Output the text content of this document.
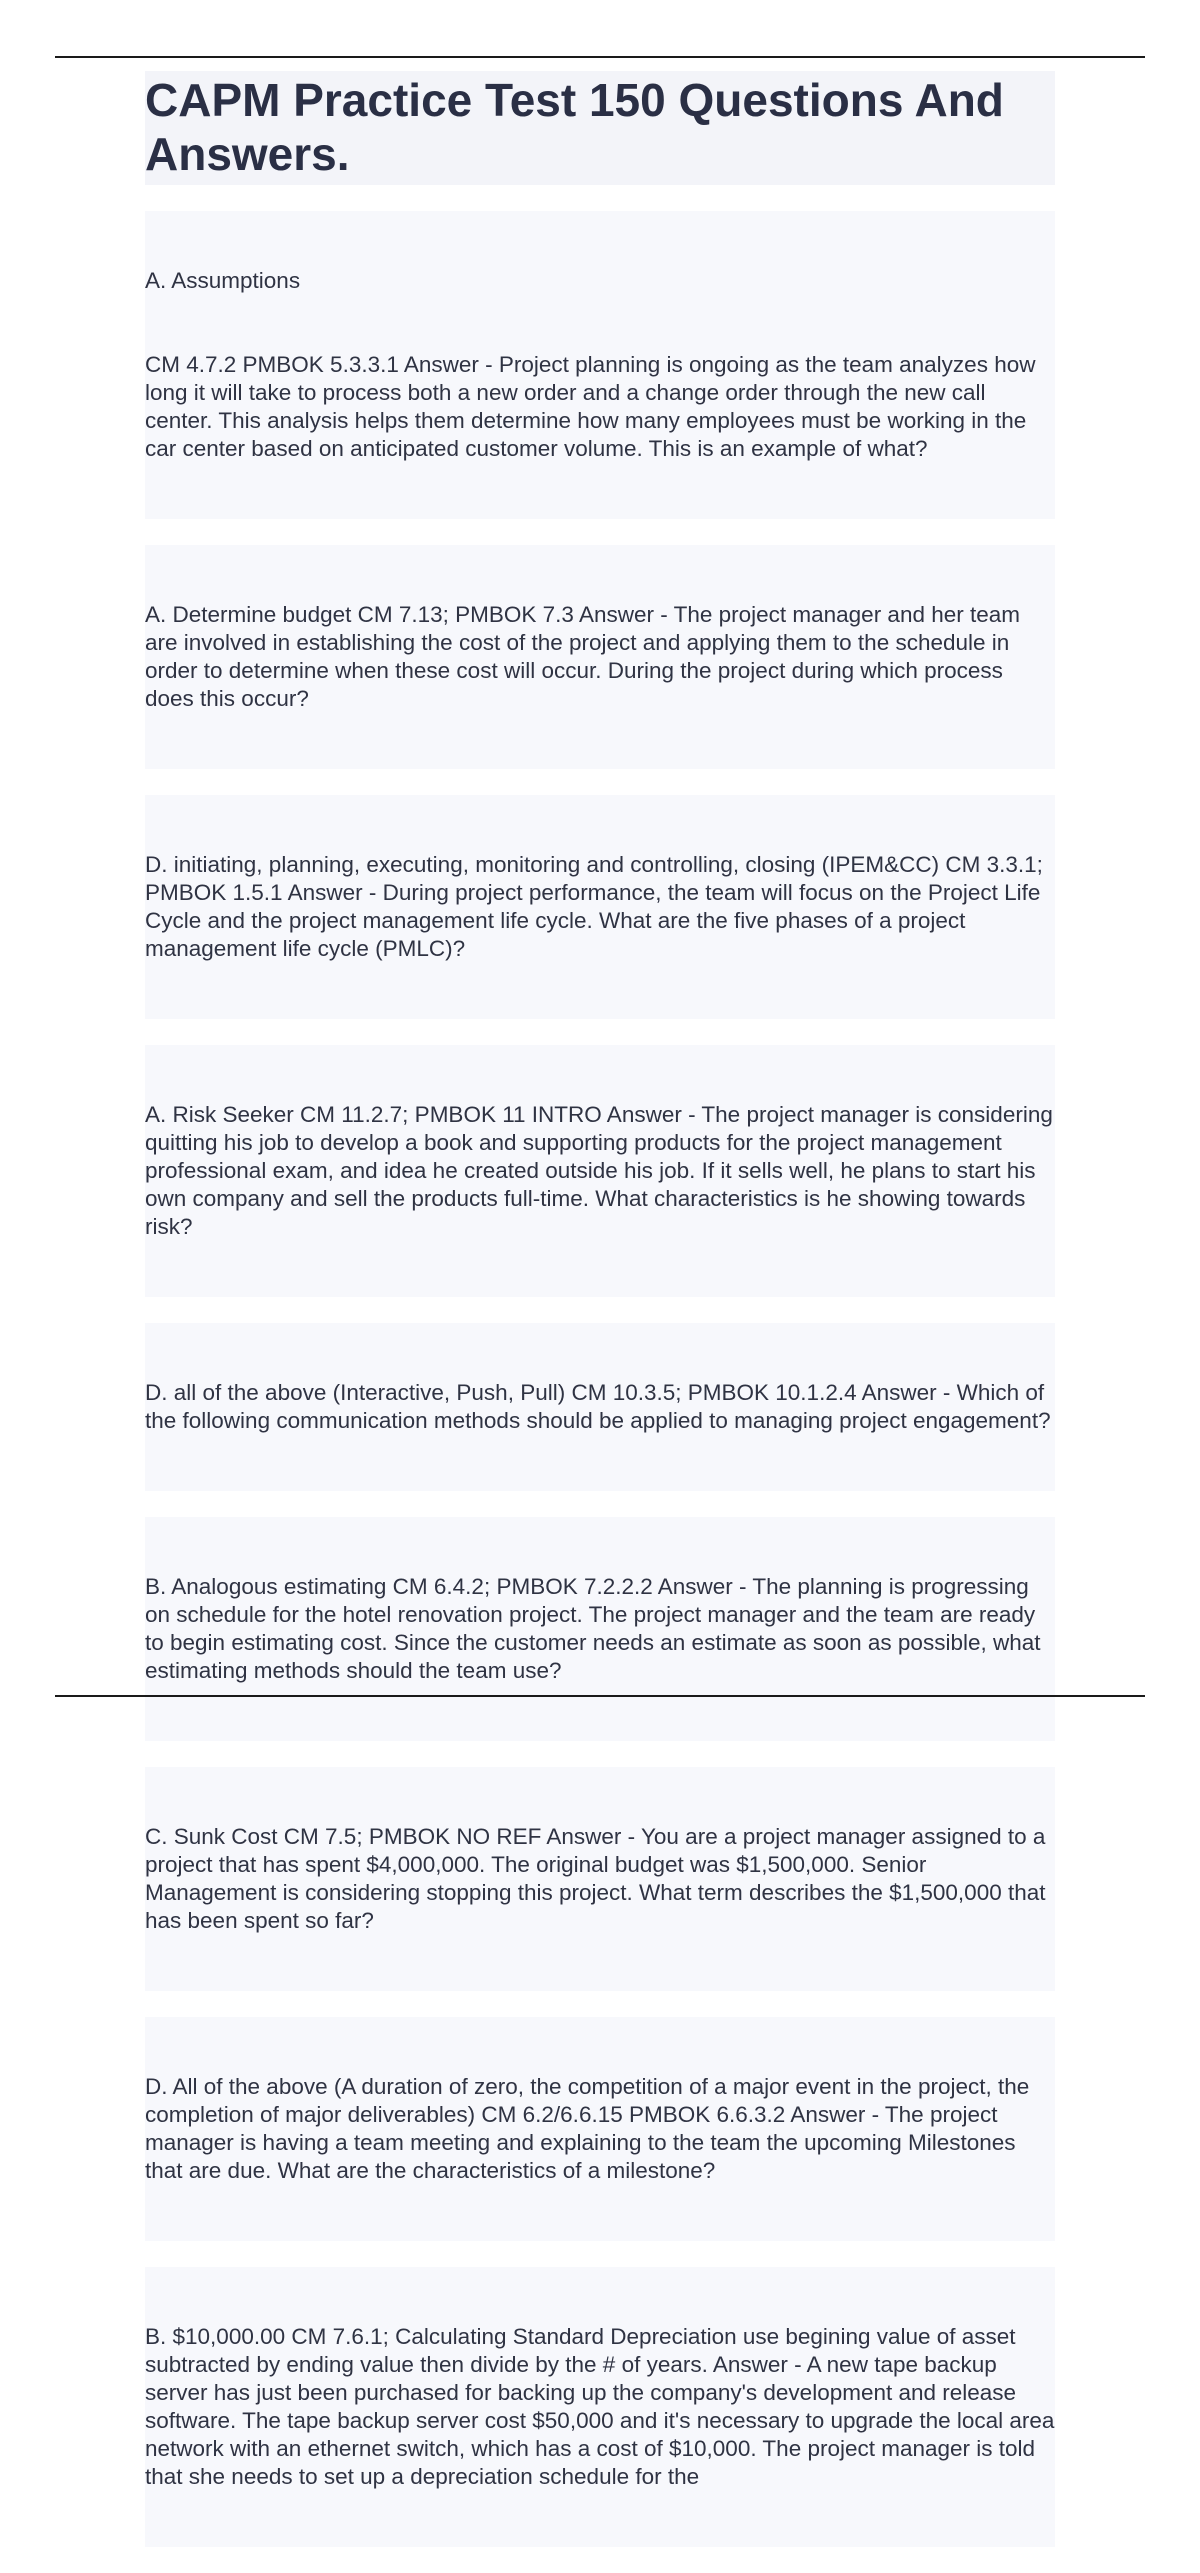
CAPM Practice Test 150 Questions And Answers.

A. Assumptions

CM 4.7.2 PMBOK 5.3.3.1 Answer - Project planning is ongoing as the team analyzes how long it will take to process both a new order and a change order through the new call center. This analysis helps them determine how many employees must be working in the car center based on anticipated customer volume. This is an example of what?

A. Determine budget CM 7.13; PMBOK 7.3 Answer - The project manager and her team are involved in establishing the cost of the project and applying them to the schedule in order to determine when these cost will occur. During the project during which process does this occur?

D. initiating, planning, executing, monitoring and controlling, closing (IPEM&CC) CM 3.3.1; PMBOK 1.5.1 Answer - During project performance, the team will focus on the Project Life Cycle and the project management life cycle. What are the five phases of a project management life cycle (PMLC)?

A. Risk Seeker CM 11.2.7; PMBOK 11 INTRO Answer - The project manager is considering quitting his job to develop a book and supporting products for the project management professional exam, and idea he created outside his job. If it sells well, he plans to start his own company and sell the products full-time. What characteristics is he showing towards risk?

D. all of the above (Interactive, Push, Pull) CM 10.3.5; PMBOK 10.1.2.4 Answer - Which of the following communication methods should be applied to managing project engagement?

B. Analogous estimating CM 6.4.2; PMBOK 7.2.2.2 Answer - The planning is progressing on schedule for the hotel renovation project. The project manager and the team are ready to begin estimating cost. Since the customer needs an estimate as soon as possible, what estimating methods should the team use?

C. Sunk Cost CM 7.5; PMBOK NO REF Answer - You are a project manager assigned to a project that has spent $4,000,000. The original budget was $1,500,000. Senior Management is considering stopping this project. What term describes the $1,500,000 that has been spent so far?

D. All of the above (A duration of zero, the competition of a major event in the project, the completion of major deliverables) CM 6.2/6.6.15 PMBOK 6.6.3.2 Answer - The project manager is having a team meeting and explaining to the team the upcoming Milestones that are due. What are the characteristics of a milestone?

B. $10,000.00 CM 7.6.1; Calculating Standard Depreciation use begining value of asset subtracted by ending value then divide by the # of years. Answer - A new tape backup server has just been purchased for backing up the company's development and release software. The tape backup server cost $50,000 and it's necessary to upgrade the local area network with an ethernet switch, which has a cost of $10,000. The project manager is told that she needs to set up a depreciation schedule for the
